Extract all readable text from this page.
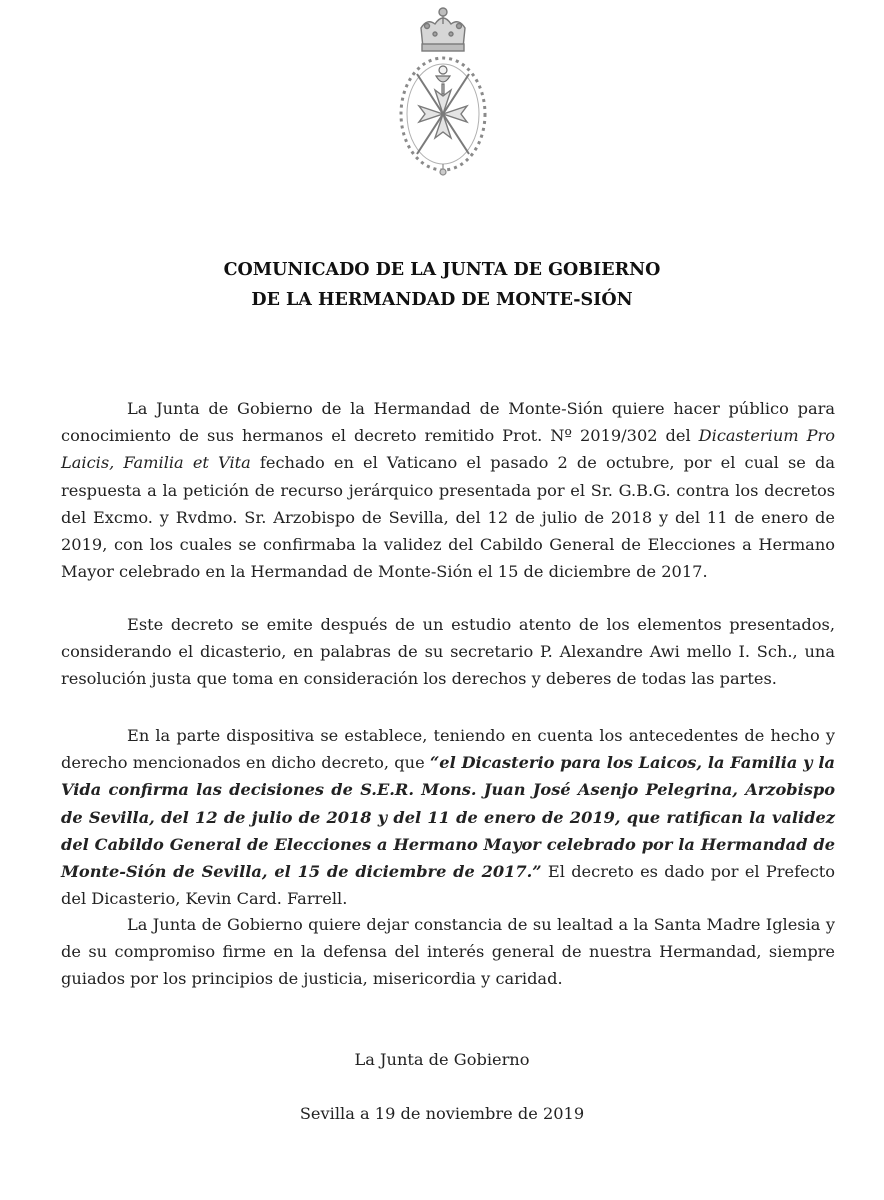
COMUNICADO DE LA JUNTA DE GOBIERNO
DE LA HERMANDAD DE MONTE-SIÓN

La Junta de Gobierno de la Hermandad de Monte-Sión quiere hacer público para conocimiento de sus hermanos el decreto remitido Prot. Nº 2019/302 del Dicasterium Pro Laicis, Familia et Vita fechado en el Vaticano el pasado 2 de octubre, por el cual se da respuesta a la petición de recurso jerárquico presentada por el Sr. G.B.G. contra los decretos del Excmo. y Rvdmo. Sr. Arzobispo de Sevilla, del 12 de julio de 2018 y del 11 de enero de 2019, con los cuales se confirmaba la validez del Cabildo General de Elecciones a Hermano Mayor celebrado en la Hermandad de Monte-Sión el 15 de diciembre de 2017.

Este decreto se emite después de un estudio atento de los elementos presentados, considerando el dicasterio, en palabras de su secretario P. Alexandre Awi mello I. Sch., una resolución justa que toma en consideración los derechos y deberes de todas las partes.

En la parte dispositiva se establece, teniendo en cuenta los antecedentes de hecho y derecho mencionados en dicho decreto, que “el Dicasterio para los Laicos, la Familia y la Vida confirma las decisiones de S.E.R. Mons. Juan José Asenjo Pelegrina, Arzobispo de Sevilla, del 12 de julio de 2018 y del 11 de enero de 2019, que ratifican la validez del Cabildo General de Elecciones a Hermano Mayor celebrado por la Hermandad de Monte-Sión de Sevilla, el 15 de diciembre de 2017.” El decreto es dado por el Prefecto del Dicasterio, Kevin Card. Farrell.

La Junta de Gobierno quiere dejar constancia de su lealtad a la Santa Madre Iglesia y de su compromiso firme en la defensa del interés general de nuestra Hermandad, siempre guiados por los principios de justicia, misericordia y caridad.

La Junta de Gobierno
Sevilla a 19 de noviembre de 2019
